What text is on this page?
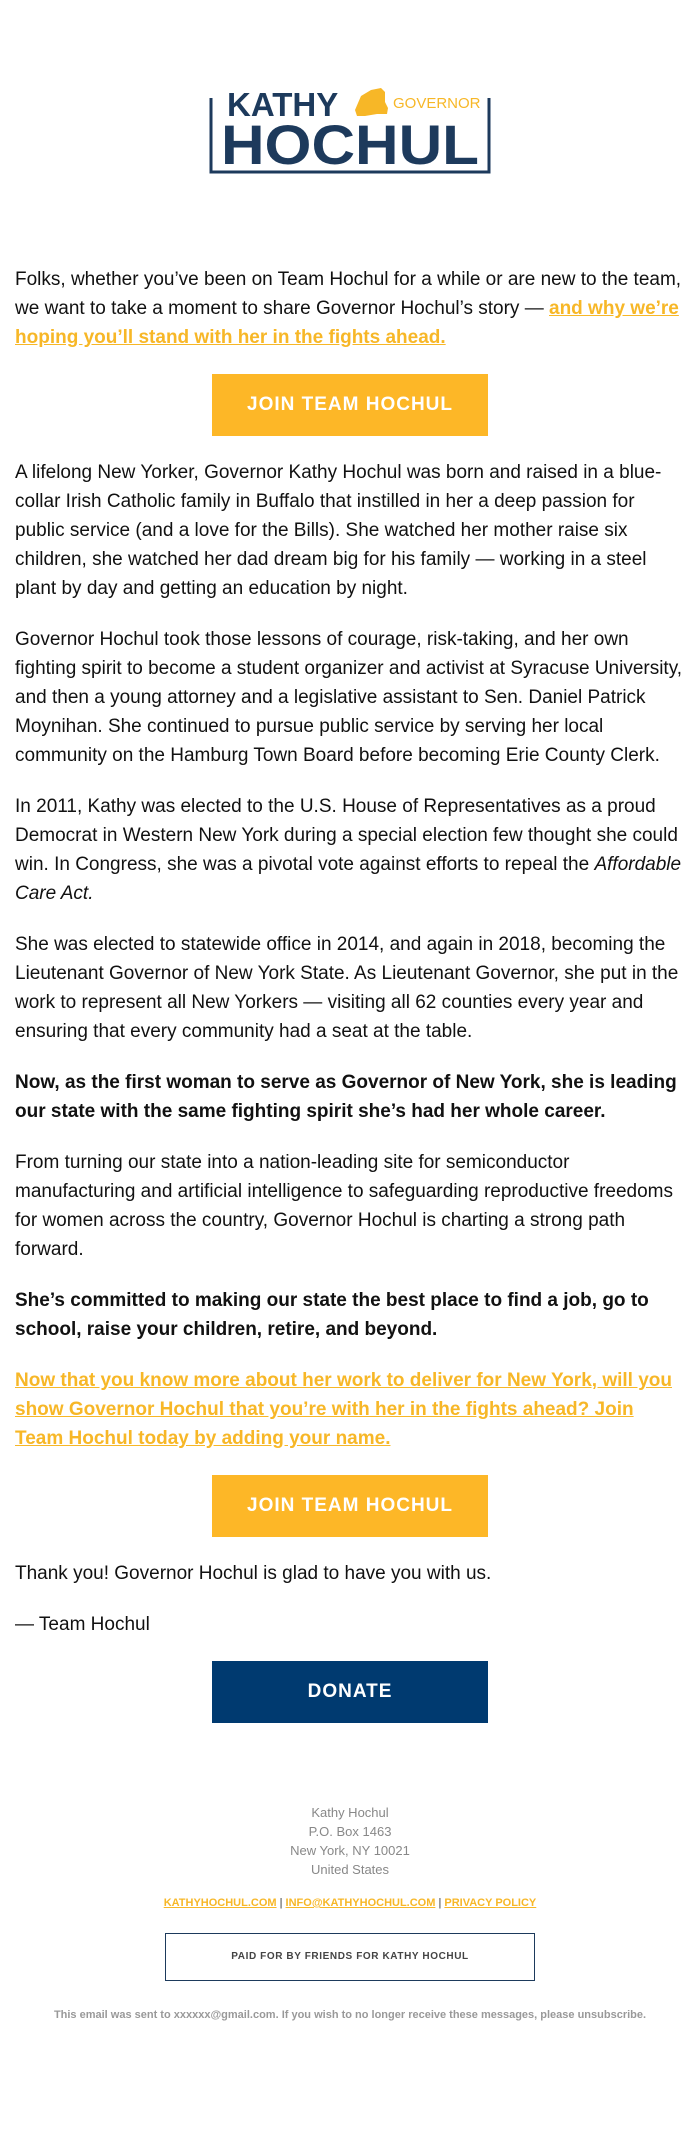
KATHY	GOVERNOR
HOCHUL

Folks, whether you’ve been on Team Hochul for a while or are new to the team, we want to take a moment to share Governor Hochul’s story — and why we’re hoping you’ll stand with her in the fights ahead.

JOIN TEAM HOCHUL

A lifelong New Yorker, Governor Kathy Hochul was born and raised in a blue-collar Irish Catholic family in Buffalo that instilled in her a deep passion for public service (and a love for the Bills). She watched her mother raise six children, she watched her dad dream big for his family — working in a steel plant by day and getting an education by night.

Governor Hochul took those lessons of courage, risk-taking, and her own fighting spirit to become a student organizer and activist at Syracuse University, and then a young attorney and a legislative assistant to Sen. Daniel Patrick Moynihan. She continued to pursue public service by serving her local community on the Hamburg Town Board before becoming Erie County Clerk.

In 2011, Kathy was elected to the U.S. House of Representatives as a proud Democrat in Western New York during a special election few thought she could win. In Congress, she was a pivotal vote against efforts to repeal the Affordable Care Act.

She was elected to statewide office in 2014, and again in 2018, becoming the Lieutenant Governor of New York State. As Lieutenant Governor, she put in the work to represent all New Yorkers — visiting all 62 counties every year and ensuring that every community had a seat at the table.

Now, as the first woman to serve as Governor of New York, she is leading our state with the same fighting spirit she’s had her whole career.

From turning our state into a nation-leading site for semiconductor manufacturing and artificial intelligence to safeguarding reproductive freedoms for women across the country, Governor Hochul is charting a strong path forward.

She’s committed to making our state the best place to find a job, go to school, raise your children, retire, and beyond.

Now that you know more about her work to deliver for New York, will you show Governor Hochul that you’re with her in the fights ahead? Join Team Hochul today by adding your name.

JOIN TEAM HOCHUL

Thank you! Governor Hochul is glad to have you with us.

— Team Hochul

DONATE
Kathy Hochul
P.O. Box 1463
New York, NY 10021
United States
KATHYHOCHUL.COM | INFO@KATHYHOCHUL.COM | PRIVACY POLICY
PAID FOR BY FRIENDS FOR KATHY HOCHUL
This email was sent to xxxxxx@gmail.com. If you wish to no longer receive these messages, please unsubscribe.
